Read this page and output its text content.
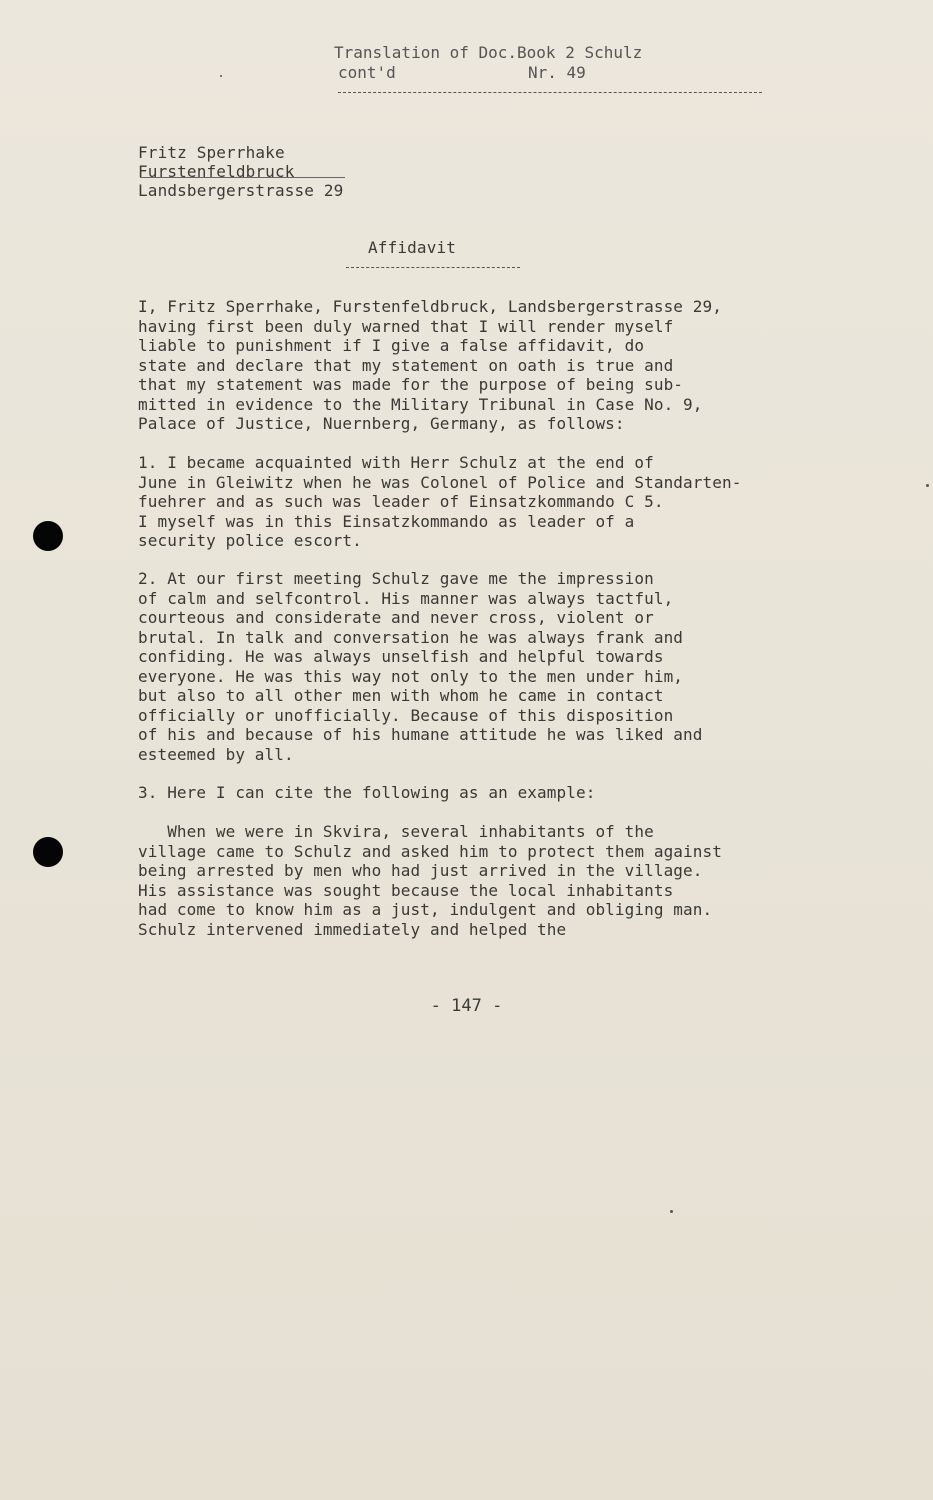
Translation of Doc.Book 2 Schulz
cont'd	Nr. 49
Fritz Sperrhake
Furstenfeldbruck
Landsbergerstrasse 29
Affidavit
I, Fritz Sperrhake, Furstenfeldbruck, Landsbergerstrasse 29,
having first been duly warned that I will render myself
liable to punishment if I give a false affidavit, do
state and declare that my statement on oath is true and
that my statement was made for the purpose of being sub-
mitted in evidence to the Military Tribunal in Case No. 9,
Palace of Justice, Nuernberg, Germany, as follows:
1. I became acquainted with Herr Schulz at the end of
June in Gleiwitz when he was Colonel of Police and Standarten-
fuehrer and as such was leader of Einsatzkommando C 5.
I myself was in this Einsatzkommando as leader of a
security police escort.
2. At our first meeting Schulz gave me the impression
of calm and selfcontrol. His manner was always tactful,
courteous and considerate and never cross, violent or
brutal. In talk and conversation he was always frank and
confiding. He was always unselfish and helpful towards
everyone. He was this way not only to the men under him,
but also to all other men with whom he came in contact
officially or unofficially. Because of this disposition
of his and because of his humane attitude he was liked and
esteemed by all.
3. Here I can cite the following as an example:
When we were in Skvira, several inhabitants of the
village came to Schulz and asked him to protect them against
being arrested by men who had just arrived in the village.
His assistance was sought because the local inhabitants
had come to know him as a just, indulgent and obliging man.
Schulz intervened immediately and helped the
- 147 -
